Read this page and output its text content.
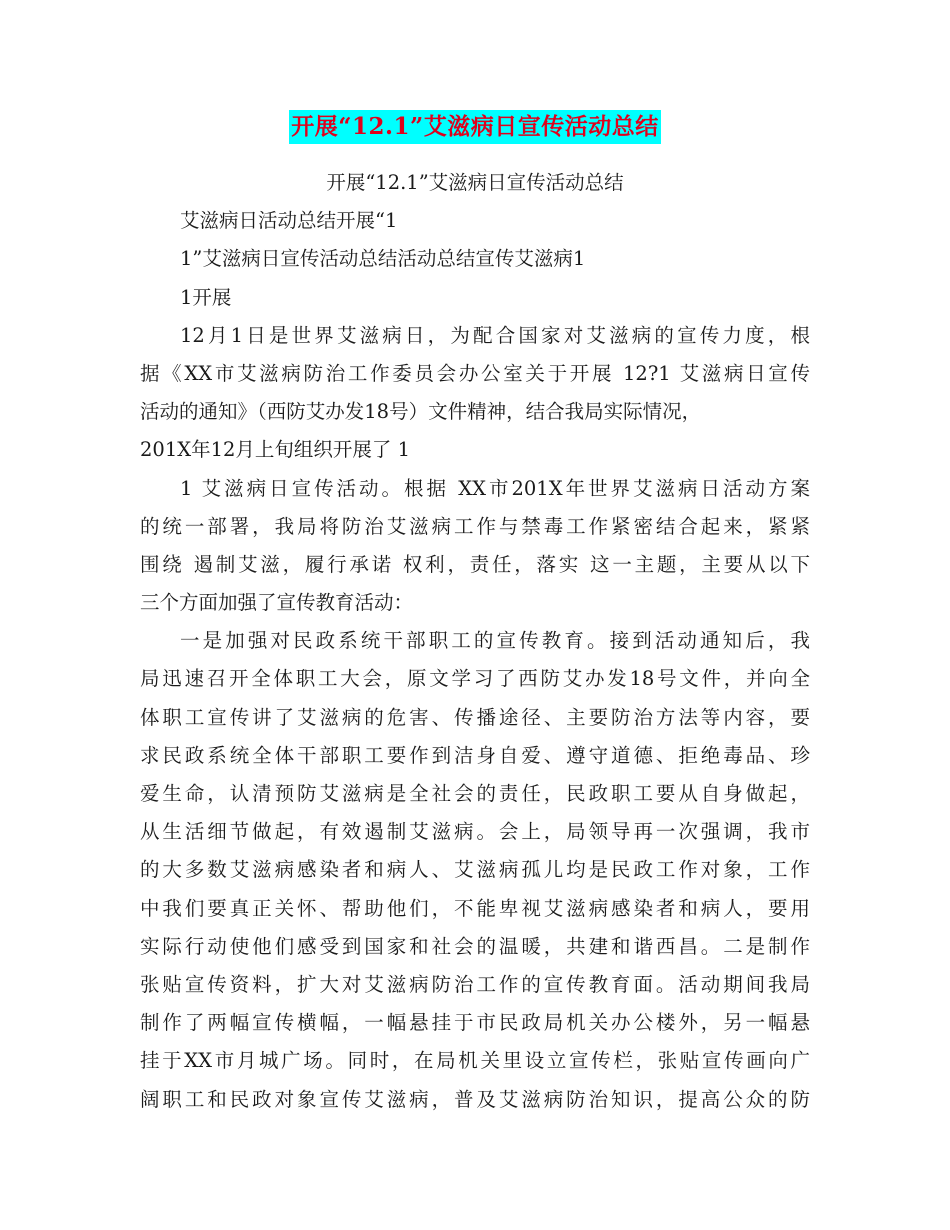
开展“12.1”艾滋病日宣传活动总结
开展“12.1”艾滋病日宣传活动总结
艾滋病日活动总结开展“1
1”艾滋病日宣传活动总结活动总结宣传艾滋病1
1开展
12月1日是世界艾滋病日，为配合国家对艾滋病的宣传力度，根
据《XX市艾滋病防治工作委员会办公室关于开展 12?1 艾滋病日宣传
活动的通知》（西防艾办发18号）文件精神，结合我局实际情况，
201X年12月上旬组织开展了 1
1 艾滋病日宣传活动。根据 XX市201X年世界艾滋病日活动方案
的统一部署，我局将防治艾滋病工作与禁毒工作紧密结合起来，紧紧
围绕 遏制艾滋，履行承诺 权利，责任，落实 这一主题，主要从以下
三个方面加强了宣传教育活动：
一是加强对民政系统干部职工的宣传教育。接到活动通知后，我
局迅速召开全体职工大会，原文学习了西防艾办发18号文件，并向全
体职工宣传讲了艾滋病的危害、传播途径、主要防治方法等内容，要
求民政系统全体干部职工要作到洁身自爱、遵守道德、拒绝毒品、珍
爱生命，认清预防艾滋病是全社会的责任，民政职工要从自身做起，
从生活细节做起，有效遏制艾滋病。会上，局领导再一次强调，我市
的大多数艾滋病感染者和病人、艾滋病孤儿均是民政工作对象，工作
中我们要真正关怀、帮助他们，不能卑视艾滋病感染者和病人，要用
实际行动使他们感受到国家和社会的温暖，共建和谐西昌。二是制作
张贴宣传资料，扩大对艾滋病防治工作的宣传教育面。活动期间我局
制作了两幅宣传横幅，一幅悬挂于市民政局机关办公楼外，另一幅悬
挂于XX市月城广场。同时，在局机关里设立宣传栏，张贴宣传画向广
阔职工和民政对象宣传艾滋病，普及艾滋病防治知识，提高公众的防
